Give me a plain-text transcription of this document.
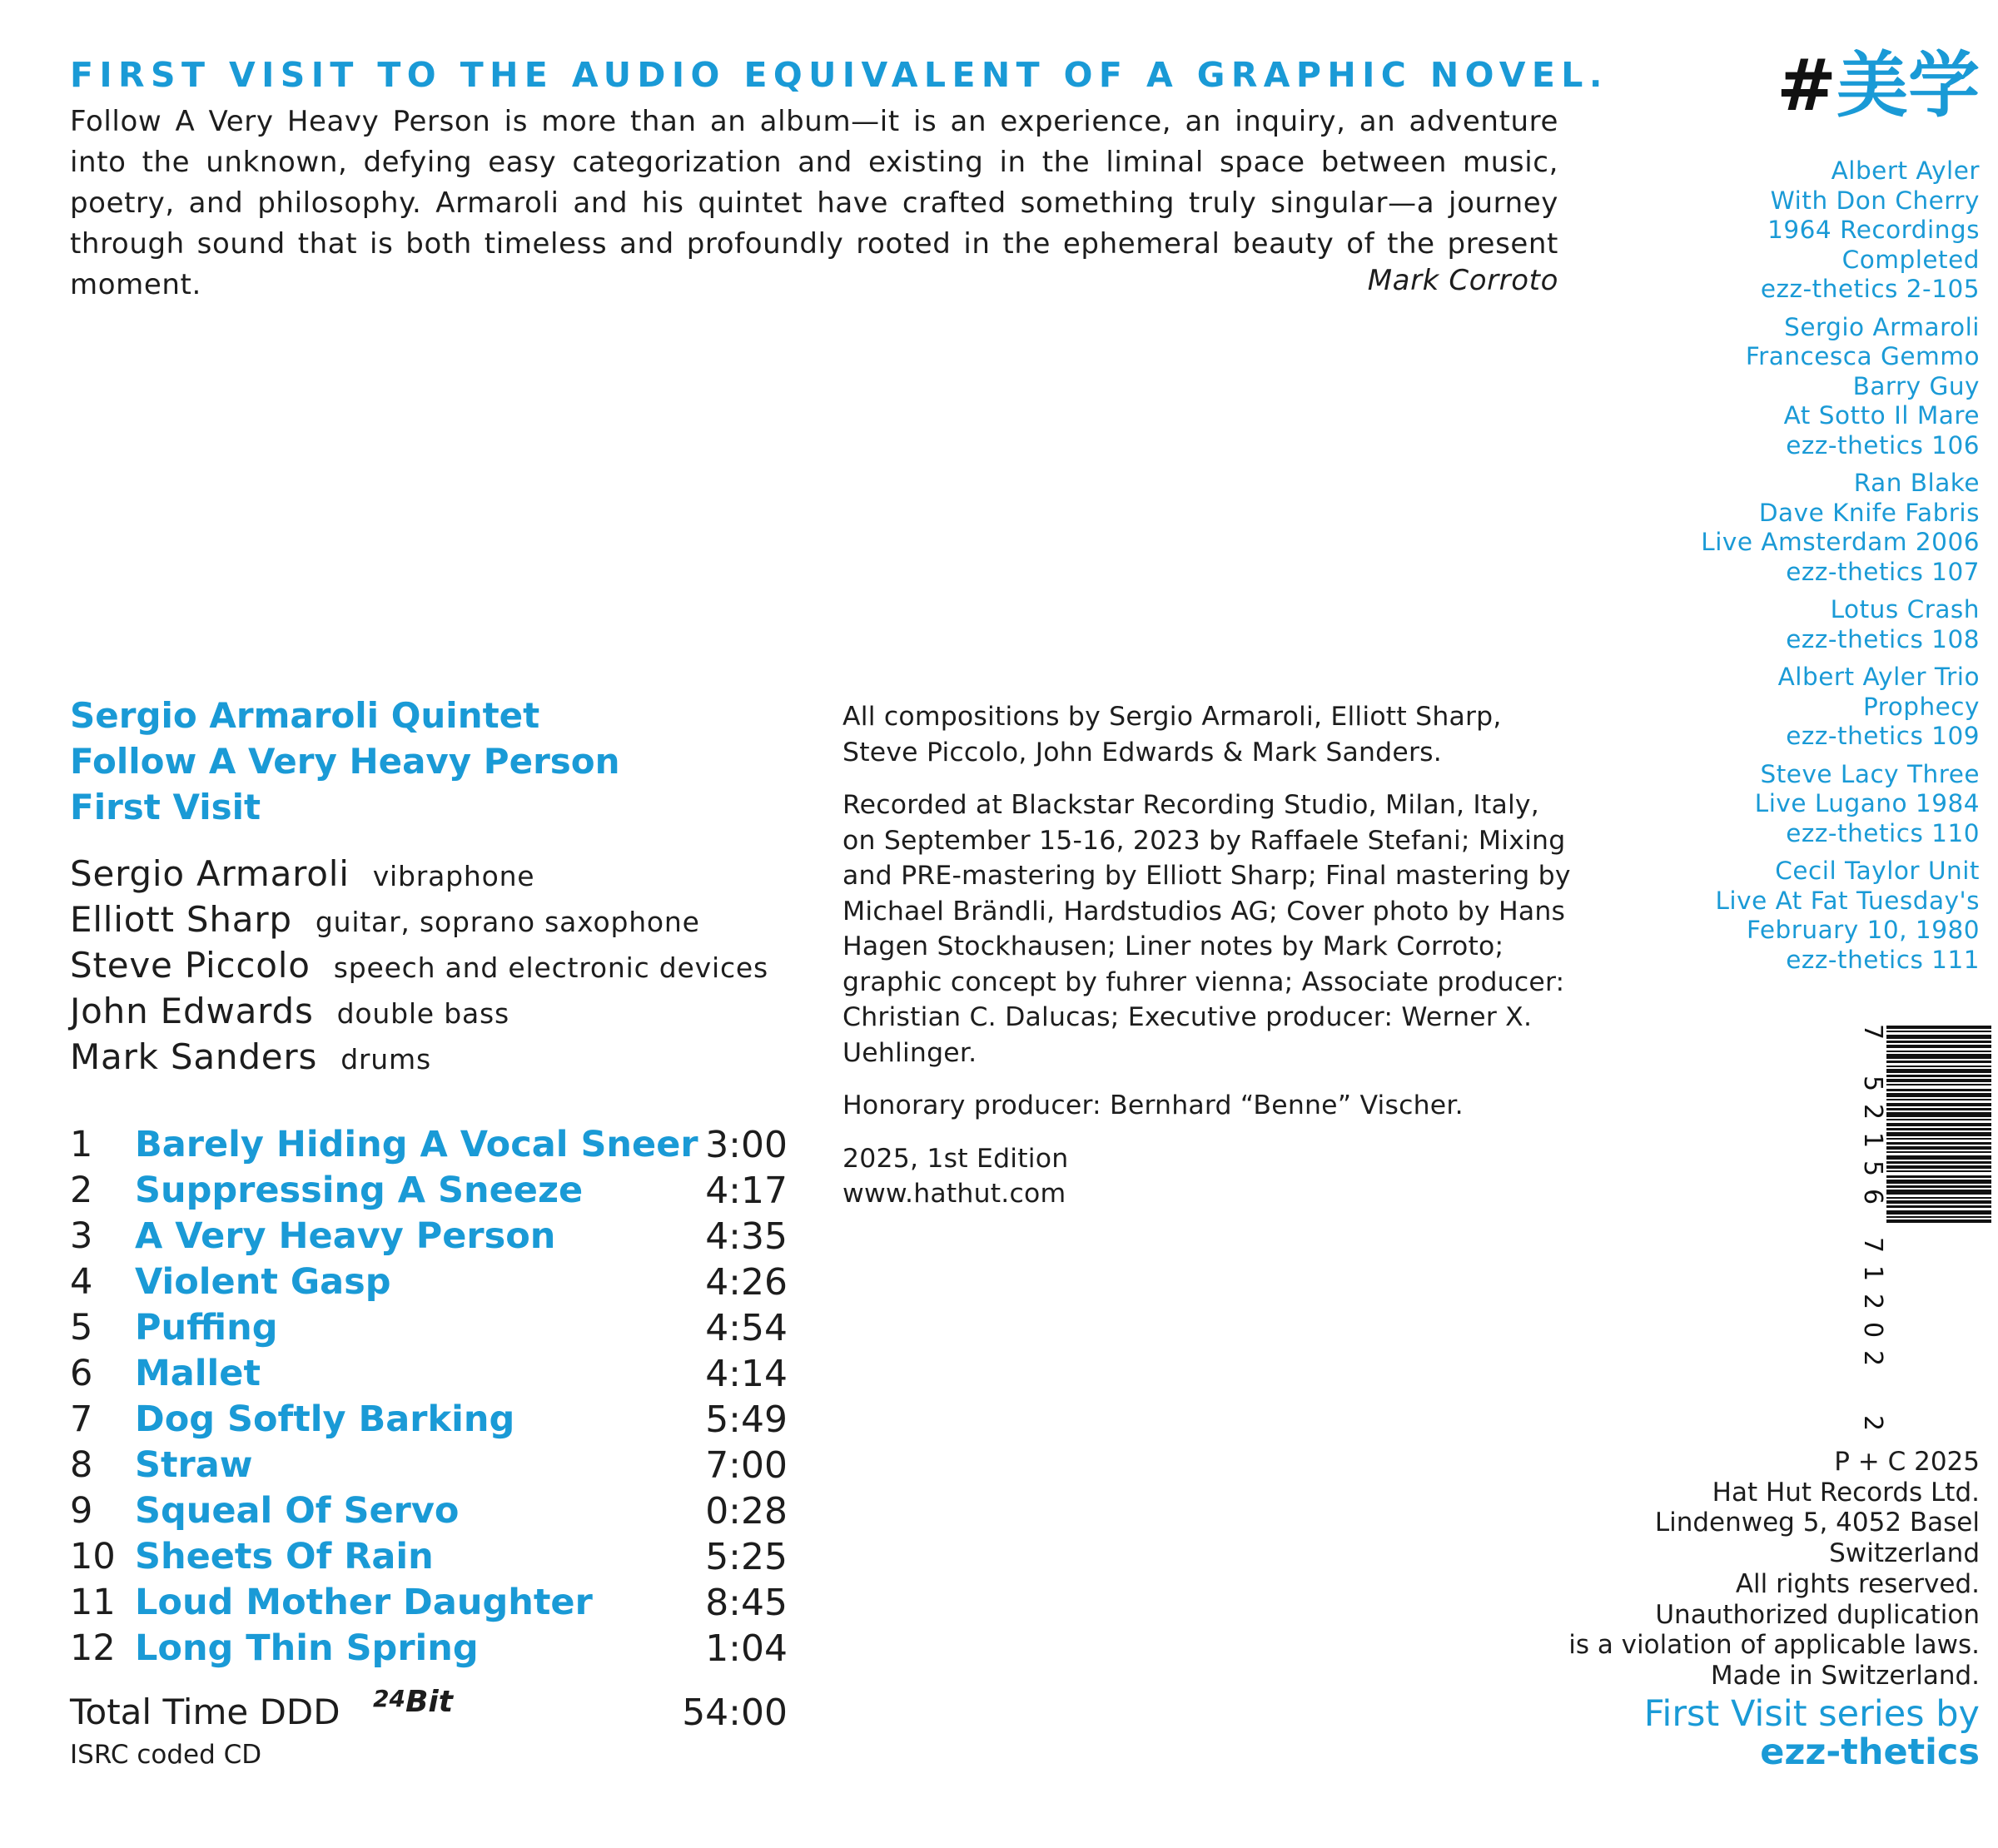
FIRST VISIT TO THE AUDIO EQUIVALENT OF A GRAPHIC NOVEL.

Follow A Very Heavy Person is more than an album—it is an experience, an inquiry, an adventure into the unknown, defying easy categorization and existing in the liminal space between music, poetry, and philosophy. Armaroli and his quintet have crafted something truly singular—a journey through sound that is both timeless and profoundly rooted in the ephemeral beauty of the present moment.	Mark Corroto
#美学
Albert Ayler
With Don Cherry
1964 Recordings
Completed
ezz-thetics 2-105
Sergio Armaroli
Francesca Gemmo
Barry Guy
At Sotto Il Mare
ezz-thetics 106
Ran Blake
Dave Knife Fabris
Live Amsterdam 2006
ezz-thetics 107
Lotus Crash
ezz-thetics 108
Albert Ayler Trio
Prophecy
ezz-thetics 109
Steve Lacy Three
Live Lugano 1984
ezz-thetics 110
Cecil Taylor Unit
Live At Fat Tuesday's
February 10, 1980
ezz-thetics 111
Sergio Armaroli Quintet
Follow A Very Heavy Person
First Visit
Sergio Armaroli vibraphone
Elliott Sharp guitar, soprano saxophone
Steve Piccolo speech and electronic devices
John Edwards double bass
Mark Sanders drums
1 Barely Hiding A Vocal Sneer 3:00
2 Suppressing A Sneeze	4:17
3 A Very Heavy Person	4:35
4 Violent Gasp	4:26
5 Puffing	4:54
6 Mallet	4:14
7 Dog Softly Barking	5:49
8 Straw	7:00
9 Squeal Of Servo	0:28
10 Sheets Of Rain	5:25
11 Loud Mother Daughter	8:45
12 Long Thin Spring	1:04
Total Time DDD 24Bit	54:00
ISRC coded CD

All compositions by Sergio Armaroli, Elliott Sharp, Steve Piccolo, John Edwards & Mark Sanders.

Recorded at Blackstar Recording Studio, Milan, Italy, on September 15-16, 2023 by Raffaele Stefani; Mixing and PRE-mastering by Elliott Sharp; Final mastering by Michael Brändli, Hardstudios AG; Cover photo by Hans Hagen Stockhausen; Liner notes by Mark Corroto; graphic concept by fuhrer vienna; Associate producer: Christian C. Dalucas; Executive producer: Werner X. Uehlinger.

Honorary producer: Bernhard “Benne” Vischer.

2025, 1st Edition
www.hathut.com
7
5
2
1
5
6
7
1
2
0
2
2
P + C 2025
Hat Hut Records Ltd.
Lindenweg 5, 4052 Basel
Switzerland
All rights reserved.
Unauthorized duplication
is a violation of applicable laws.
Made in Switzerland.
First Visit series by
ezz-thetics
